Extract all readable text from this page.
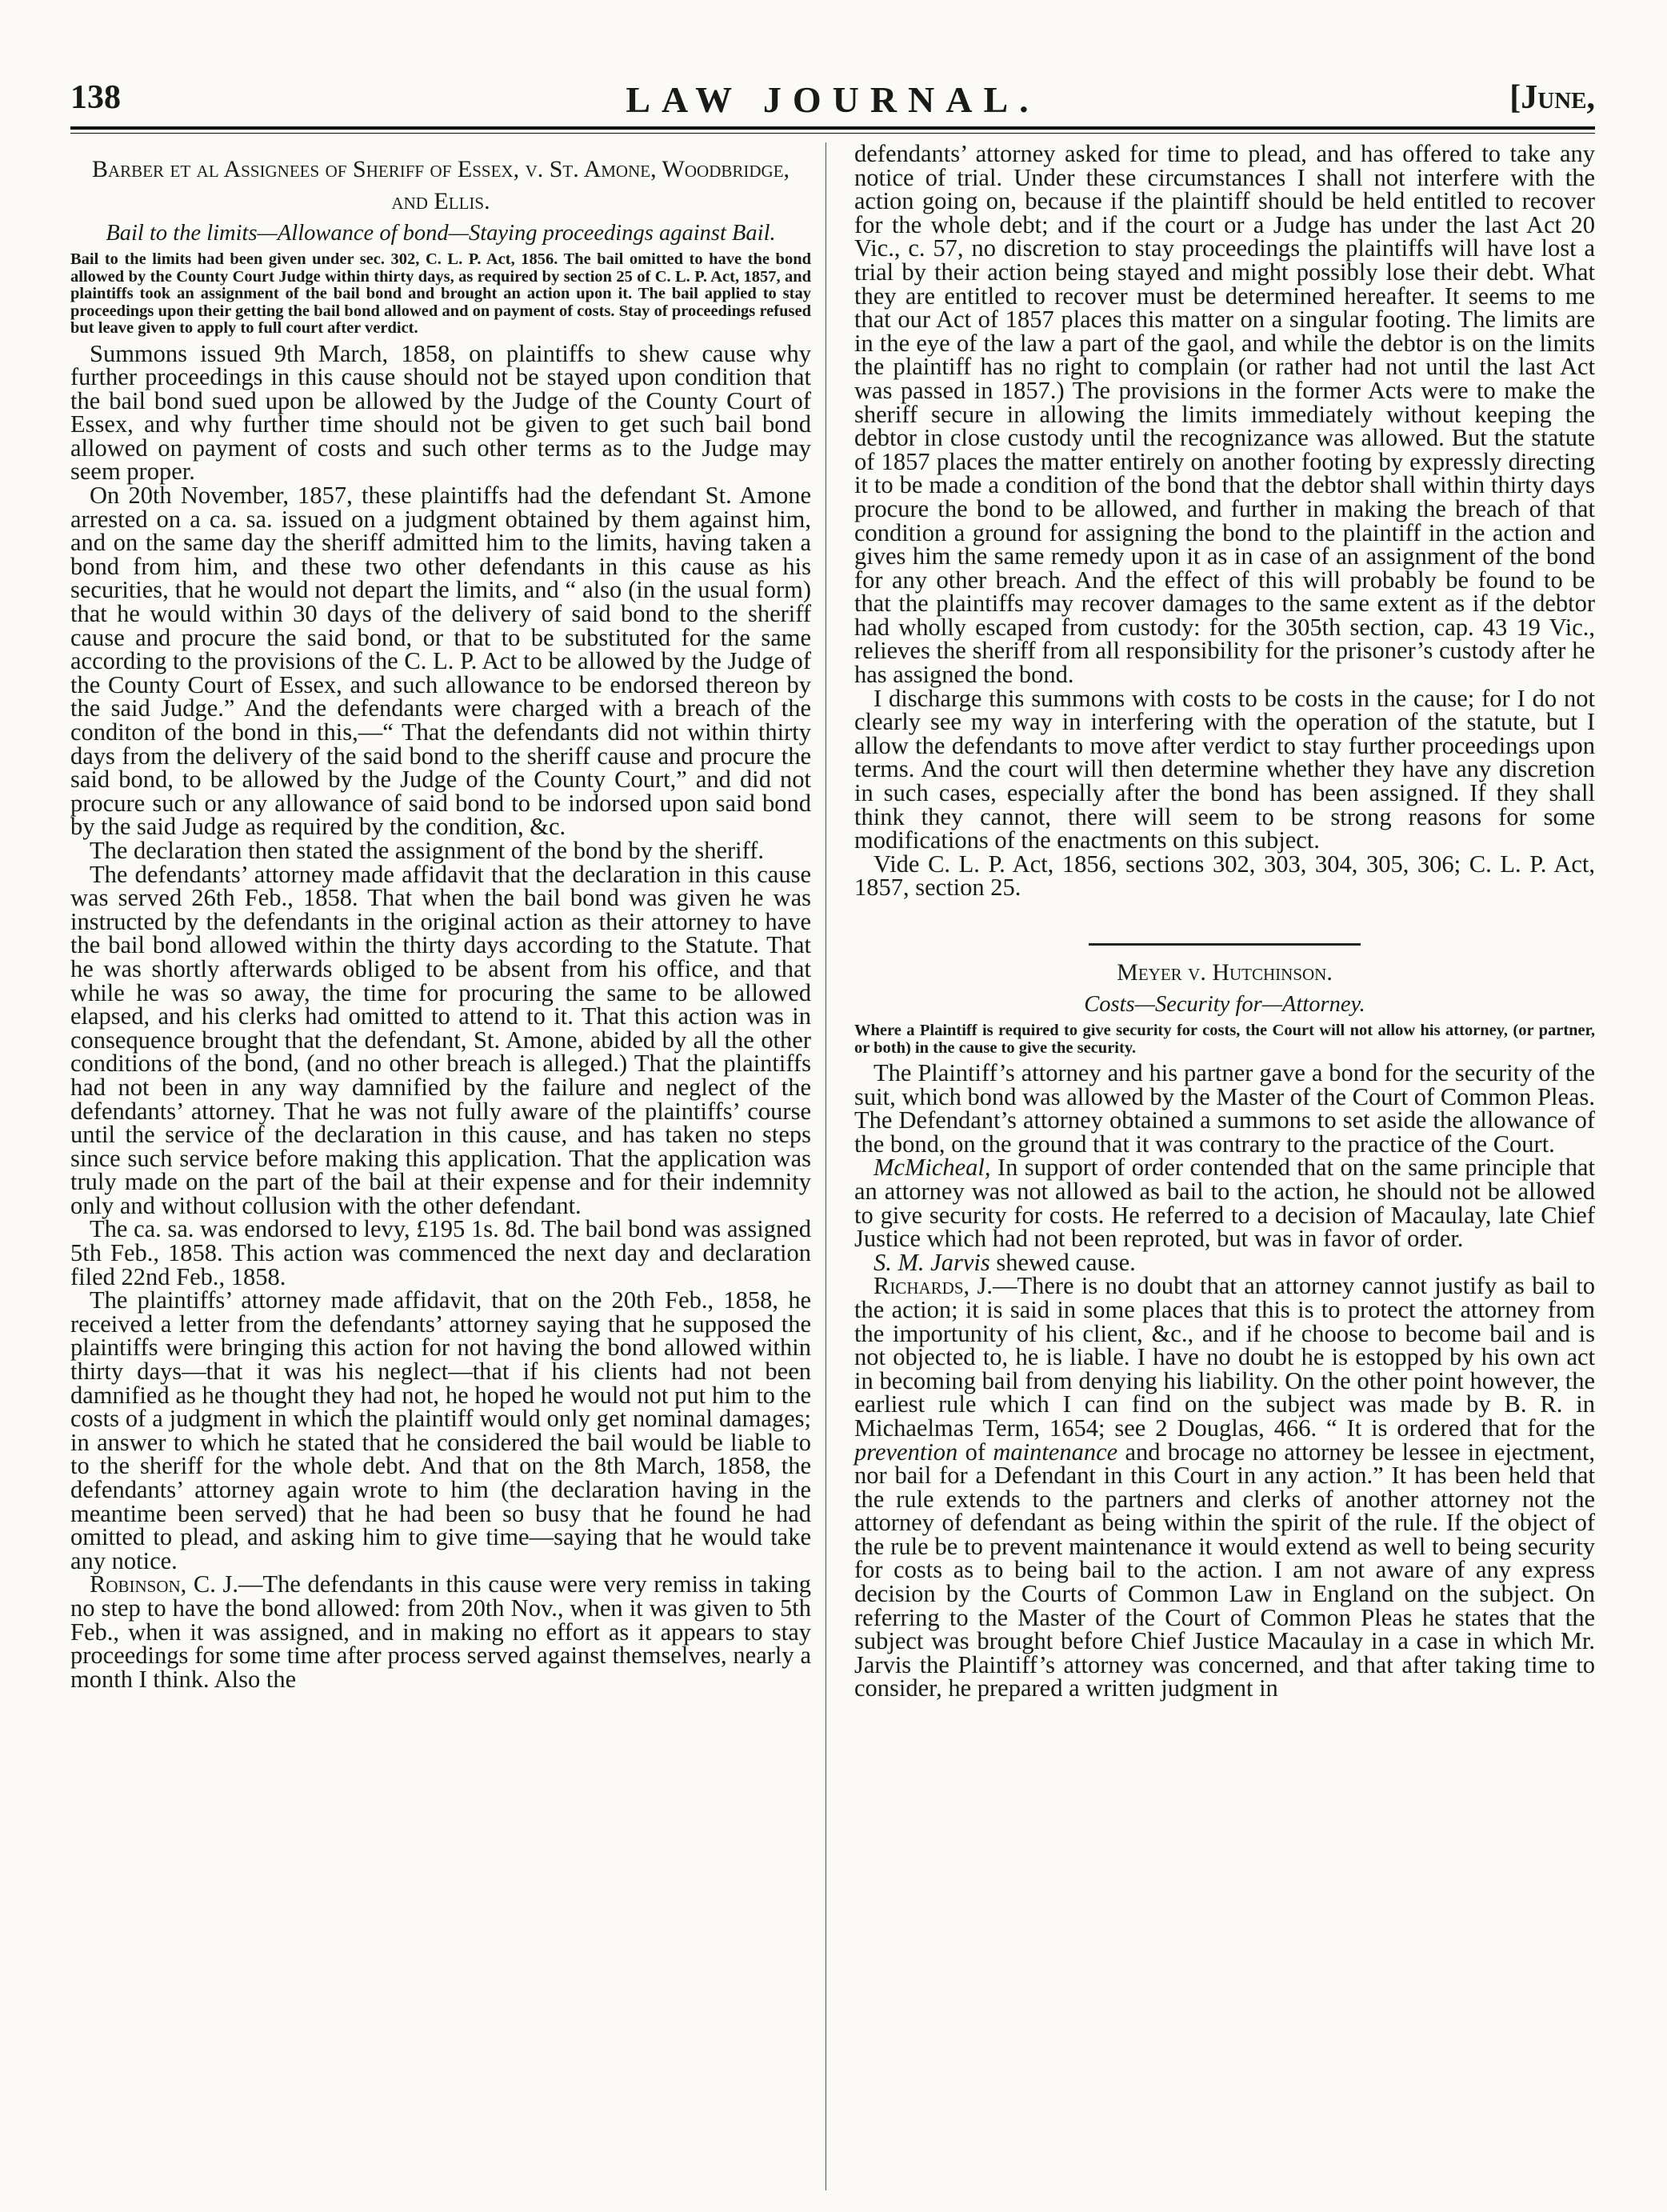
138	LAW JOURNAL.	[June,

Barber et al Assignees of Sheriff of Essex, v. St. Amone, Woodbridge, and Ellis.

Bail to the limits—Allowance of bond—Staying proceedings against Bail.

Bail to the limits had been given under sec. 302, C. L. P. Act, 1856. The bail omitted to have the bond allowed by the County Court Judge within thirty days, as required by section 25 of C. L. P. Act, 1857, and plaintiffs took an assignment of the bail bond and brought an action upon it. The bail applied to stay proceedings upon their getting the bail bond allowed and on payment of costs. Stay of proceedings refused but leave given to apply to full court after verdict.

Summons issued 9th March, 1858, on plaintiffs to shew cause why further proceedings in this cause should not be stayed upon condition that the bail bond sued upon be allowed by the Judge of the County Court of Essex, and why further time should not be given to get such bail bond allowed on payment of costs and such other terms as to the Judge may seem proper.

On 20th November, 1857, these plaintiffs had the defendant St. Amone arrested on a ca. sa. issued on a judgment obtained by them against him, and on the same day the sheriff admitted him to the limits, having taken a bond from him, and these two other defendants in this cause as his securities, that he would not depart the limits, and “ also (in the usual form) that he would within 30 days of the delivery of said bond to the sheriff cause and procure the said bond, or that to be substituted for the same according to the provisions of the C. L. P. Act to be allowed by the Judge of the County Court of Essex, and such allowance to be endorsed thereon by the said Judge.” And the defendants were charged with a breach of the conditon of the bond in this,—“ That the defendants did not within thirty days from the delivery of the said bond to the sheriff cause and procure the said bond, to be allowed by the Judge of the County Court,” and did not procure such or any allowance of said bond to be indorsed upon said bond by the said Judge as required by the condition, &c.

The declaration then stated the assignment of the bond by the sheriff.

The defendants’ attorney made affidavit that the declaration in this cause was served 26th Feb., 1858. That when the bail bond was given he was instructed by the defendants in the original action as their attorney to have the bail bond allowed within the thirty days according to the Statute. That he was shortly afterwards obliged to be absent from his office, and that while he was so away, the time for procuring the same to be allowed elapsed, and his clerks had omitted to attend to it. That this action was in consequence brought that the defendant, St. Amone, abided by all the other conditions of the bond, (and no other breach is alleged.) That the plaintiffs had not been in any way damnified by the failure and neglect of the defendants’ attorney. That he was not fully aware of the plaintiffs’ course until the service of the declaration in this cause, and has taken no steps since such service before making this application. That the application was truly made on the part of the bail at their expense and for their indemnity only and without collusion with the other defendant.

The ca. sa. was endorsed to levy, £195 1s. 8d. The bail bond was assigned 5th Feb., 1858. This action was commenced the next day and declaration filed 22nd Feb., 1858.

The plaintiffs’ attorney made affidavit, that on the 20th Feb., 1858, he received a letter from the defendants’ attorney saying that he supposed the plaintiffs were bringing this action for not having the bond allowed within thirty days—that it was his neglect—that if his clients had not been damnified as he thought they had not, he hoped he would not put him to the costs of a judgment in which the plaintiff would only get nominal damages; in answer to which he stated that he considered the bail would be liable to to the sheriff for the whole debt. And that on the 8th March, 1858, the defendants’ attorney again wrote to him (the declaration having in the meantime been served) that he had been so busy that he found he had omitted to plead, and asking him to give time—saying that he would take any notice.

Robinson, C. J.—The defendants in this cause were very remiss in taking no step to have the bond allowed: from 20th Nov., when it was given to 5th Feb., when it was assigned, and in making no effort as it appears to stay proceedings for some time after process served against themselves, nearly a month I think. Also the

defendants’ attorney asked for time to plead, and has offered to take any notice of trial. Under these circumstances I shall not interfere with the action going on, because if the plaintiff should be held entitled to recover for the whole debt; and if the court or a Judge has under the last Act 20 Vic., c. 57, no discretion to stay proceedings the plaintiffs will have lost a trial by their action being stayed and might possibly lose their debt. What they are entitled to recover must be determined hereafter. It seems to me that our Act of 1857 places this matter on a singular footing. The limits are in the eye of the law a part of the gaol, and while the debtor is on the limits the plaintiff has no right to complain (or rather had not until the last Act was passed in 1857.) The provisions in the former Acts were to make the sheriff secure in allowing the limits immediately without keeping the debtor in close custody until the recognizance was allowed. But the statute of 1857 places the matter entirely on another footing by expressly directing it to be made a condition of the bond that the debtor shall within thirty days procure the bond to be allowed, and further in making the breach of that condition a ground for assigning the bond to the plaintiff in the action and gives him the same remedy upon it as in case of an assignment of the bond for any other breach. And the effect of this will probably be found to be that the plaintiffs may recover damages to the same extent as if the debtor had wholly escaped from custody: for the 305th section, cap. 43 19 Vic., relieves the sheriff from all responsibility for the prisoner’s custody after he has assigned the bond.

I discharge this summons with costs to be costs in the cause; for I do not clearly see my way in interfering with the operation of the statute, but I allow the defendants to move after verdict to stay further proceedings upon terms. And the court will then determine whether they have any discretion in such cases, especially after the bond has been assigned. If they shall think they cannot, there will seem to be strong reasons for some modifications of the enactments on this subject.

Vide C. L. P. Act, 1856, sections 302, 303, 304, 305, 306; C. L. P. Act, 1857, section 25.

Meyer v. Hutchinson.

Costs—Security for—Attorney.

Where a Plaintiff is required to give security for costs, the Court will not allow his attorney, (or partner, or both) in the cause to give the security.

The Plaintiff’s attorney and his partner gave a bond for the security of the suit, which bond was allowed by the Master of the Court of Common Pleas. The Defendant’s attorney obtained a summons to set aside the allowance of the bond, on the ground that it was contrary to the practice of the Court.

McMicheal, In support of order contended that on the same principle that an attorney was not allowed as bail to the action, he should not be allowed to give security for costs. He referred to a decision of Macaulay, late Chief Justice which had not been reproted, but was in favor of order.

S. M. Jarvis shewed cause.

Richards, J.—There is no doubt that an attorney cannot justify as bail to the action; it is said in some places that this is to protect the attorney from the importunity of his client, &c., and if he choose to become bail and is not objected to, he is liable. I have no doubt he is estopped by his own act in becoming bail from denying his liability. On the other point however, the earliest rule which I can find on the subject was made by B. R. in Michaelmas Term, 1654; see 2 Douglas, 466. “ It is ordered that for the prevention of maintenance and brocage no attorney be lessee in ejectment, nor bail for a Defendant in this Court in any action.” It has been held that the rule extends to the partners and clerks of another attorney not the attorney of defendant as being within the spirit of the rule. If the object of the rule be to prevent maintenance it would extend as well to being security for costs as to being bail to the action. I am not aware of any express decision by the Courts of Common Law in England on the subject. On referring to the Master of the Court of Common Pleas he states that the subject was brought before Chief Justice Macaulay in a case in which Mr. Jarvis the Plaintiff’s attorney was concerned, and that after taking time to consider, he prepared a written judgment in
